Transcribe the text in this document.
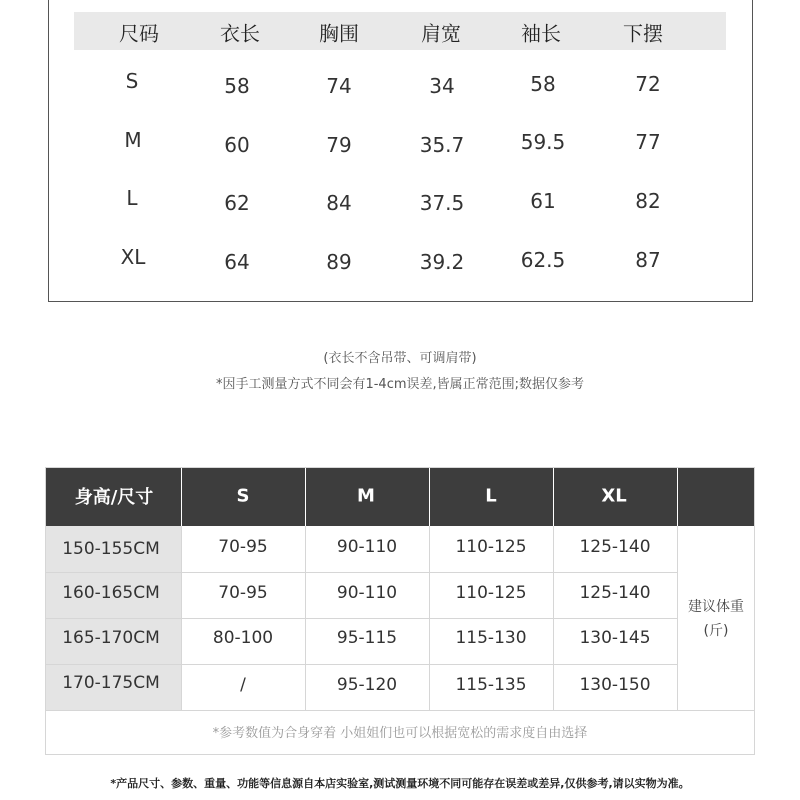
尺码	衣长	胸围	肩宽	袖长	下摆
S	58	74	34	58	72
M	60	79	35.7	59.5	77
L	62	84	37.5	61	82
XL	64	89	39.2	62.5	87
(衣长不含吊带、可调肩带)
*因手工测量方式不同会有1-4cm误差,皆属正常范围;数据仅参考
身高/尺寸	S	M	L	XL
150-155CM	70-95	90-110	110-125	125-140
160-165CM	70-95	90-110	110-125	125-140
165-170CM	80-100	95-115	115-130	130-145
170-175CM	/	95-120	115-135	130-150
建议体重
(斤)
*参考数值为合身穿着 小姐姐们也可以根据宽松的需求度自由选择
*产品尺寸、参数、重量、功能等信息源自本店实验室,测试测量环境不同可能存在误差或差异,仅供参考,请以实物为准。
